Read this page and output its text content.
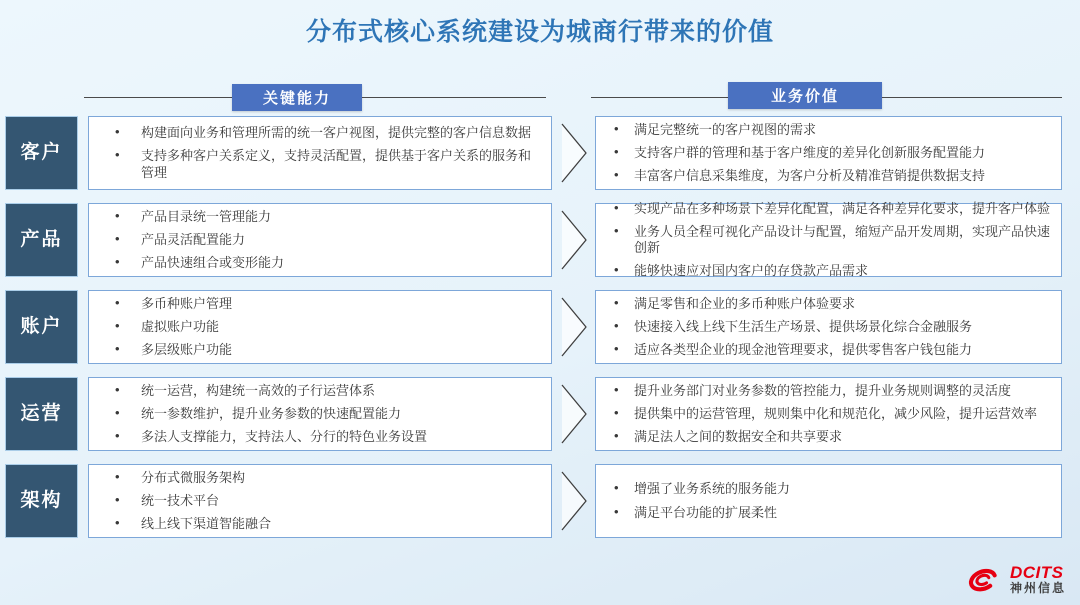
分布式核心系统建设为城商行带来的价值
关键能力	业务价值
客户
• 构建面向业务和管理所需的统一客户视图，提供完整的客户信息数据
• 支持多种客户关系定义，支持灵活配置，提供基于客户关系的服务和管理
• 满足完整统一的客户视图的需求
• 支持客户群的管理和基于客户维度的差异化创新服务配置能力
• 丰富客户信息采集维度，为客户分析及精准营销提供数据支持
产品
• 产品目录统一管理能力
• 产品灵活配置能力
• 产品快速组合或变形能力
• 实现产品在多种场景下差异化配置，满足各种差异化要求，提升客户体验
• 业务人员全程可视化产品设计与配置，缩短产品开发周期，实现产品快速创新
• 能够快速应对国内客户的存贷款产品需求
账户
• 多币种账户管理
• 虚拟账户功能
• 多层级账户功能
• 满足零售和企业的多币种账户体验要求
• 快速接入线上线下生活生产场景、提供场景化综合金融服务
• 适应各类型企业的现金池管理要求，提供零售客户钱包能力
运营
• 统一运营，构建统一高效的子行运营体系
• 统一参数维护，提升业务参数的快速配置能力
• 多法人支撑能力，支持法人、分行的特色业务设置
• 提升业务部门对业务参数的管控能力，提升业务规则调整的灵活度
• 提供集中的运营管理，规则集中化和规范化，减少风险，提升运营效率
• 满足法人之间的数据安全和共享要求
架构
• 分布式微服务架构
• 统一技术平台
• 线上线下渠道智能融合
• 增强了业务系统的服务能力
• 满足平台功能的扩展柔性
DCITS
神州信息
